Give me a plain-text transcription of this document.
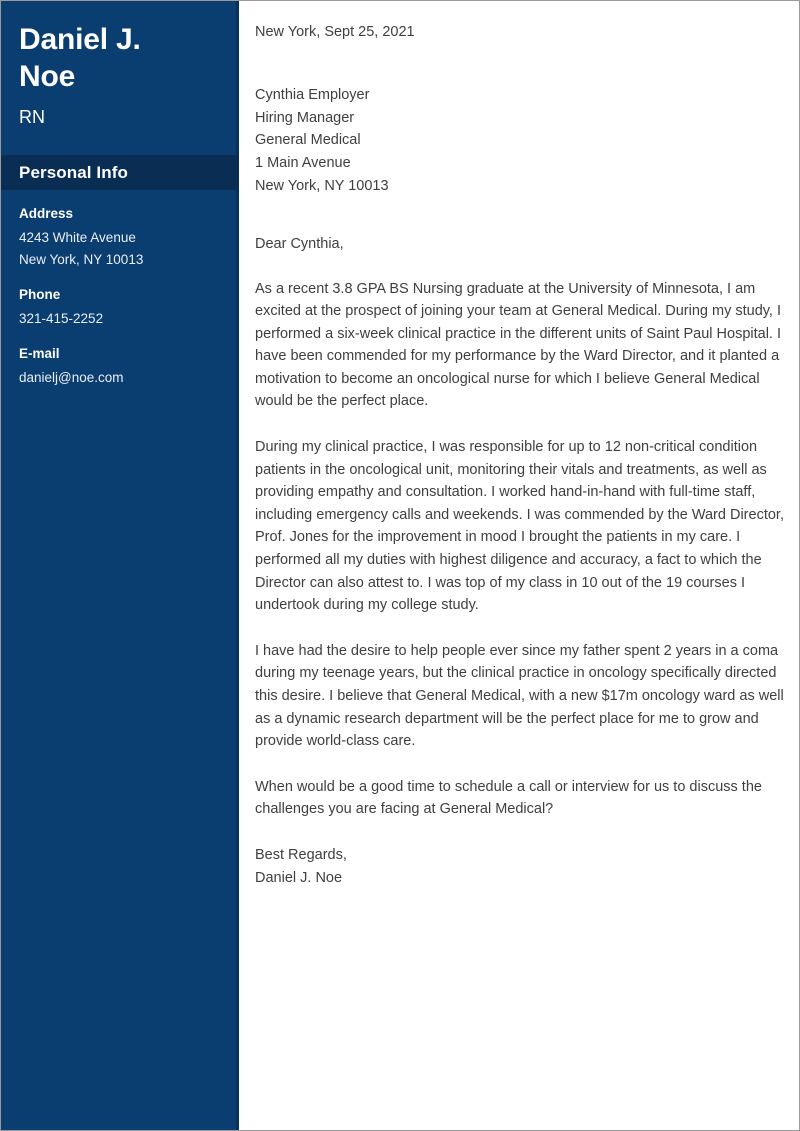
Daniel J. Noe
RN
Personal Info
Address
4243 White Avenue
New York, NY 10013
Phone
321-415-2252
E-mail
danielj@noe.com
New York, Sept 25, 2021
Cynthia Employer
Hiring Manager
General Medical
1 Main Avenue
New York, NY 10013
Dear Cynthia,

As a recent 3.8 GPA BS Nursing graduate at the University of Minnesota, I am excited at the prospect of joining your team at General Medical. During my study, I performed a six-week clinical practice in the different units of Saint Paul Hospital. I have been commended for my performance by the Ward Director, and it planted a motivation to become an oncological nurse for which I believe General Medical would be the perfect place.

During my clinical practice, I was responsible for up to 12 non-critical condition patients in the oncological unit, monitoring their vitals and treatments, as well as providing empathy and consultation. I worked hand-in-hand with full-time staff, including emergency calls and weekends. I was commended by the Ward Director, Prof. Jones for the improvement in mood I brought the patients in my care. I performed all my duties with highest diligence and accuracy, a fact to which the Director can also attest to. I was top of my class in 10 out of the 19 courses I undertook during my college study.

I have had the desire to help people ever since my father spent 2 years in a coma during my teenage years, but the clinical practice in oncology specifically directed this desire. I believe that General Medical, with a new $17m oncology ward as well as a dynamic research department will be the perfect place for me to grow and provide world-class care.

When would be a good time to schedule a call or interview for us to discuss the challenges you are facing at General Medical?

Best Regards,
Daniel J. Noe
